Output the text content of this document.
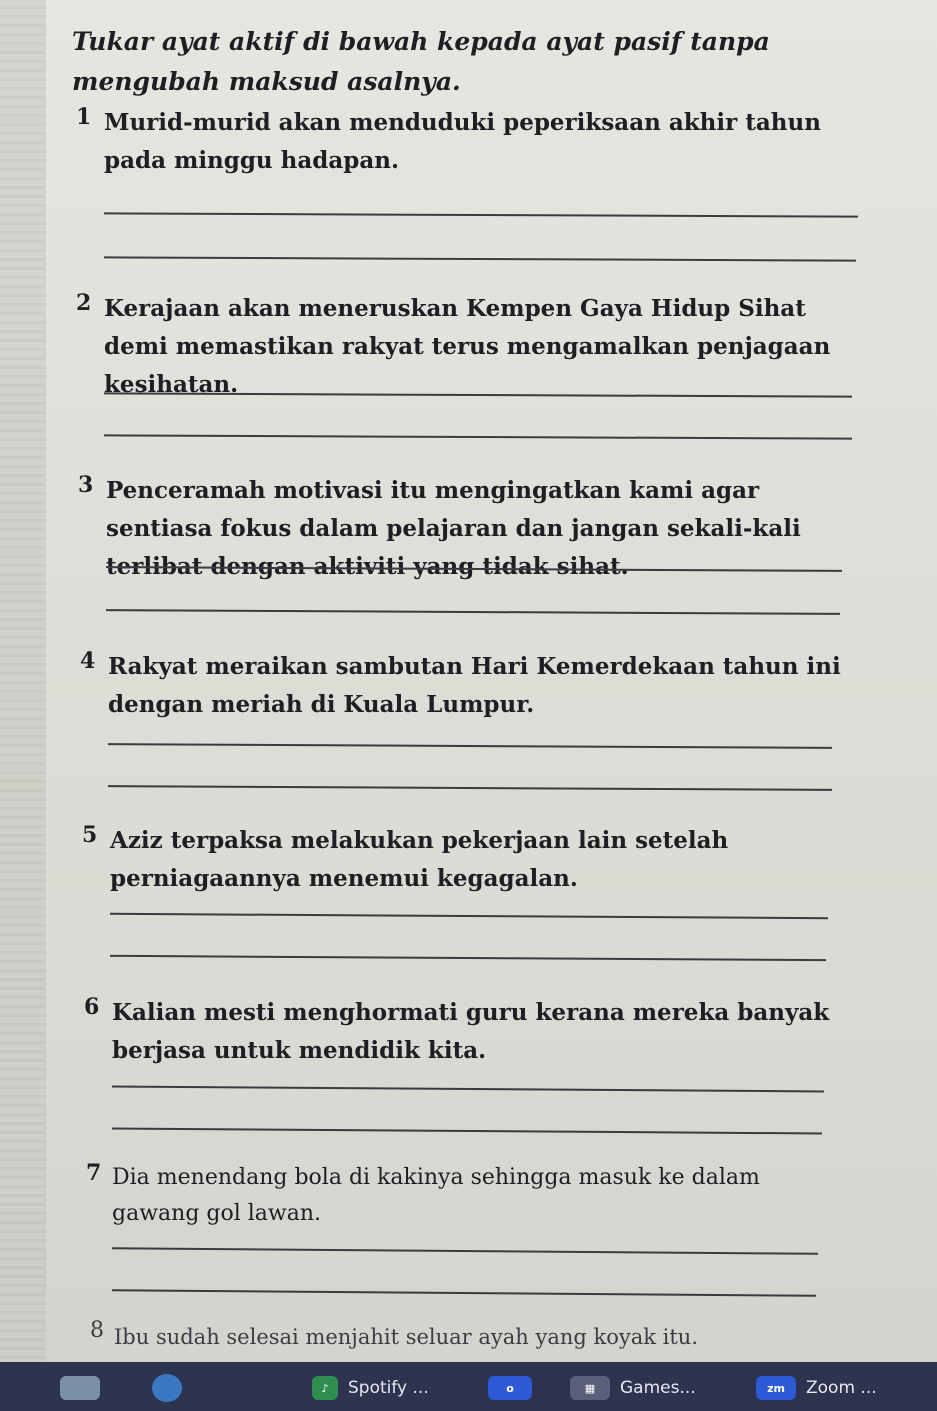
Tukar ayat aktif di bawah kepada ayat pasif tanpa mengubah maksud asalnya.
1 Murid-murid akan menduduki peperiksaan akhir tahun pada minggu hadapan.
2 Kerajaan akan meneruskan Kempen Gaya Hidup Sihat demi memastikan rakyat terus mengamalkan penjagaan kesihatan.
3 Penceramah motivasi itu mengingatkan kami agar sentiasa fokus dalam pelajaran dan jangan sekali-kali terlibat dengan aktiviti yang tidak sihat.
4 Rakyat meraikan sambutan Hari Kemerdekaan tahun ini dengan meriah di Kuala Lumpur.
5 Aziz terpaksa melakukan pekerjaan lain setelah perniagaannya menemui kegagalan.
6 Kalian mesti menghormati guru kerana mereka banyak berjasa untuk mendidik kita.
7 Dia menendang bola di kakinya sehingga masuk ke dalam gawang gol lawan.
8 Ibu sudah selesai menjahit seluar ayah yang koyak itu.
♪	Spotify ...	o	▦	Games...	zm	Zoom ...
